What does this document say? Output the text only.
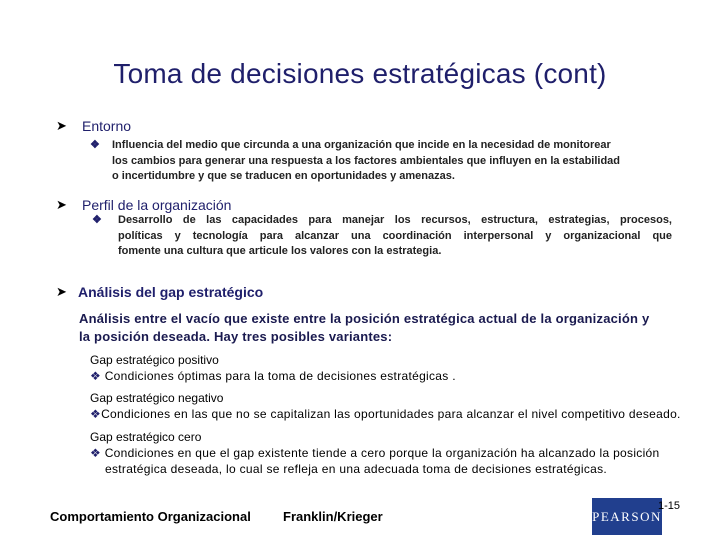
Toma de decisiones estratégicas (cont)
➤	Entorno
❖	Influencia del medio que circunda a una organización que incide en la necesidad de monitorear
los cambios para generar una respuesta a los factores ambientales que influyen en la estabilidad
o incertidumbre y que se traducen en oportunidades y amenazas.
➤	Perfil de la organización
❖	Desarrollo de las capacidades para manejar los recursos, estructura, estrategias, procesos,
políticas y tecnología para alcanzar una coordinación interpersonal y organizacional que
fomente una cultura que articule los valores con la estrategia.
➤ Análisis del gap estratégico
Análisis entre el vacío que existe entre la posición estratégica actual de la organización y
la posición deseada. Hay tres posibles variantes:
Gap estratégico positivo
❖ Condiciones óptimas para la toma de decisiones estratégicas .
Gap estratégico negativo
❖Condiciones en las que no se capitalizan las oportunidades para alcanzar el nivel competitivo deseado.
Gap estratégico cero
❖ Condiciones en que el gap existente tiende a cero porque la organización ha alcanzado la posición
estratégica deseada, lo cual se refleja en una adecuada toma de decisiones estratégicas.
Comportamiento Organizacional Franklin/Krieger	PEARSON
1-15
